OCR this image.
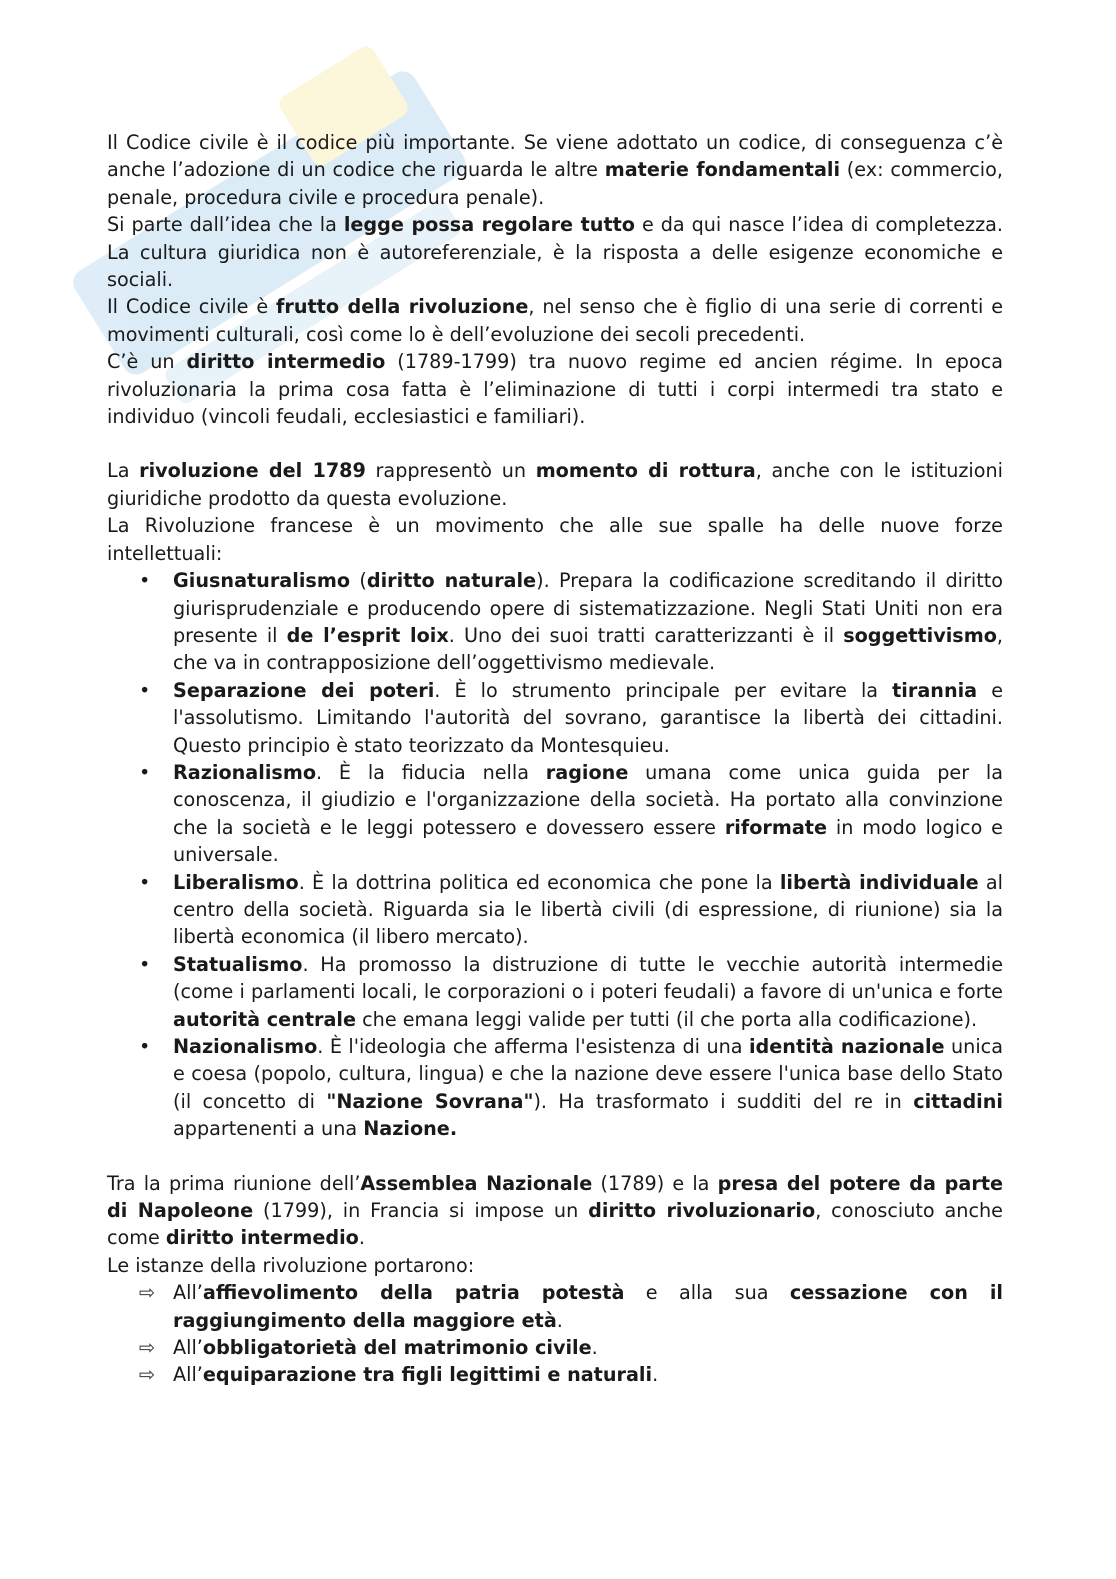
Il Codice civile è il codice più importante. Se viene adottato un codice, di conseguenza c’è anche l’adozione di un codice che riguarda le altre materie fondamentali (ex: commercio, penale, procedura civile e procedura penale).

Si parte dall’idea che la legge possa regolare tutto e da qui nasce l’idea di completezza. La cultura giuridica non è autoreferenziale, è la risposta a delle esigenze economiche e sociali.

Il Codice civile è frutto della rivoluzione, nel senso che è figlio di una serie di correnti e movimenti culturali, così come lo è dell’evoluzione dei secoli precedenti.

C’è un diritto intermedio (1789-1799) tra nuovo regime ed ancien régime. In epoca rivoluzionaria la prima cosa fatta è l’eliminazione di tutti i corpi intermedi tra stato e individuo (vincoli feudali, ecclesiastici e familiari).

La rivoluzione del 1789 rappresentò un momento di rottura, anche con le istituzioni giuridiche prodotto da questa evoluzione.

La Rivoluzione francese è un movimento che alle sue spalle ha delle nuove forze intellettuali:

•	Giusnaturalismo (diritto naturale). Prepara la codificazione screditando il diritto giurisprudenziale e producendo opere di sistematizzazione. Negli Stati Uniti non era presente il de l’esprit loix. Uno dei suoi tratti caratterizzanti è il soggettivismo, che va in contrapposizione dell’oggettivismo medievale.
•	Separazione dei poteri. È lo strumento principale per evitare la tirannia e l'assolutismo. Limitando l'autorità del sovrano, garantisce la libertà dei cittadini. Questo principio è stato teorizzato da Montesquieu.
•	Razionalismo. È la fiducia nella ragione umana come unica guida per la conoscenza, il giudizio e l'organizzazione della società. Ha portato alla convinzione che la società e le leggi potessero e dovessero essere riformate in modo logico e universale.
•	Liberalismo. È la dottrina politica ed economica che pone la libertà individuale al centro della società. Riguarda sia le libertà civili (di espressione, di riunione) sia la libertà economica (il libero mercato).
•	Statualismo. Ha promosso la distruzione di tutte le vecchie autorità intermedie (come i parlamenti locali, le corporazioni o i poteri feudali) a favore di un'unica e forte autorità centrale che emana leggi valide per tutti (il che porta alla codificazione).
•	Nazionalismo. È l'ideologia che afferma l'esistenza di una identità nazionale unica e coesa (popolo, cultura, lingua) e che la nazione deve essere l'unica base dello Stato (il concetto di "Nazione Sovrana"). Ha trasformato i sudditi del re in cittadini appartenenti a una Nazione.

Tra la prima riunione dell’Assemblea Nazionale (1789) e la presa del potere da parte di Napoleone (1799), in Francia si impose un diritto rivoluzionario, conosciuto anche come diritto intermedio.

Le istanze della rivoluzione portarono:

⇨ All’affievolimento della patria potestà e alla sua cessazione con il raggiungimento della maggiore età.
⇨ All’obbligatorietà del matrimonio civile.
⇨ All’equiparazione tra figli legittimi e naturali.
